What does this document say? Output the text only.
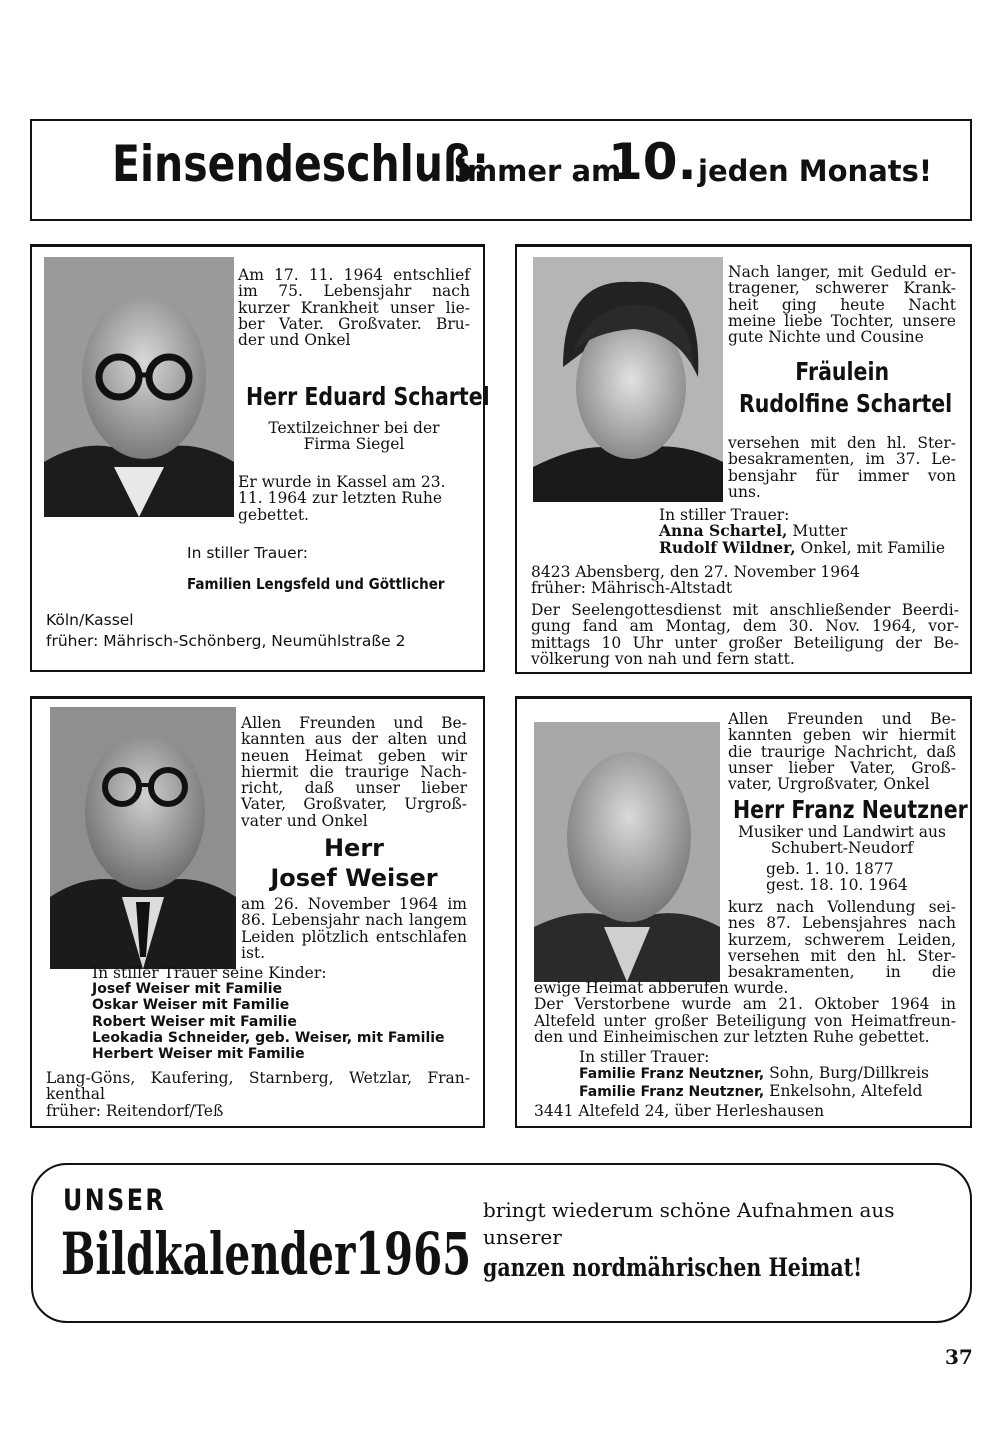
Einsendeschluß:
immer am
10. jeden Monats!
Am 17. 11. 1964 entschlief
im 75. Lebensjahr nach
kurzer Krankheit unser lie-
ber Vater. Großvater. Bru-
der und Onkel
Herr Eduard Schartel
Textilzeichner bei der
Firma Siegel
Er wurde in Kassel am 23.
11. 1964 zur letzten Ruhe
gebettet.
In stiller Trauer:
Familien Lengsfeld und Göttlicher
Köln/Kassel
früher: Mährisch-Schönberg, Neumühlstraße 2
Nach langer, mit Geduld er-
tragener, schwerer Krank-
heit ging heute Nacht
meine liebe Tochter, unsere
gute Nichte und Cousine
Fräulein
Rudolfine Schartel
versehen mit den hl. Ster-
besakramenten, im 37. Le-
bensjahr für immer von
uns.
In stiller Trauer:
Anna Schartel, Mutter
Rudolf Wildner, Onkel, mit Familie
8423 Abensberg, den 27. November 1964
früher: Mährisch-Altstadt
Der Seelengottesdienst mit anschließender Beerdi-
gung fand am Montag, dem 30. Nov. 1964, vor-
mittags 10 Uhr unter großer Beteiligung der Be-
völkerung von nah und fern statt.
Allen Freunden und Be-
kannten aus der alten und
neuen Heimat geben wir
hiermit die traurige Nach-
richt, daß unser lieber
Vater, Großvater, Urgroß-
vater und Onkel
Herr
Josef Weiser
am 26. November 1964 im
86. Lebensjahr nach langem
Leiden plötzlich entschlafen
ist.
In stiller Trauer seine Kinder:
Josef Weiser mit Familie
Oskar Weiser mit Familie
Robert Weiser mit Familie
Leokadia Schneider, geb. Weiser, mit Familie
Herbert Weiser mit Familie
Lang-Göns, Kaufering, Starnberg, Wetzlar, Fran-
kenthal
früher: Reitendorf/Teß
Allen Freunden und Be-
kannten geben wir hiermit
die traurige Nachricht, daß
unser lieber Vater, Groß-
vater, Urgroßvater, Onkel
Herr Franz Neutzner
Musiker und Landwirt aus
Schubert-Neudorf
geb. 1. 10. 1877
gest. 18. 10. 1964
kurz nach Vollendung sei-
nes 87. Lebensjahres nach
kurzem, schwerem Leiden,
versehen mit den hl. Ster-
besakramenten, in die
ewige Heimat abberufen wurde.
Der Verstorbene wurde am 21. Oktober 1964 in
Altefeld unter großer Beteiligung von Heimatfreun-
den und Einheimischen zur letzten Ruhe gebettet.
In stiller Trauer:
Familie Franz Neutzner, Sohn, Burg/Dillkreis
Familie Franz Neutzner, Enkelsohn, Altefeld
3441 Altefeld 24, über Herleshausen
UNSER
Bildkalender 1965
bringt wiederum schöne Aufnahmen aus
unserer
ganzen nordmährischen Heimat!
37
